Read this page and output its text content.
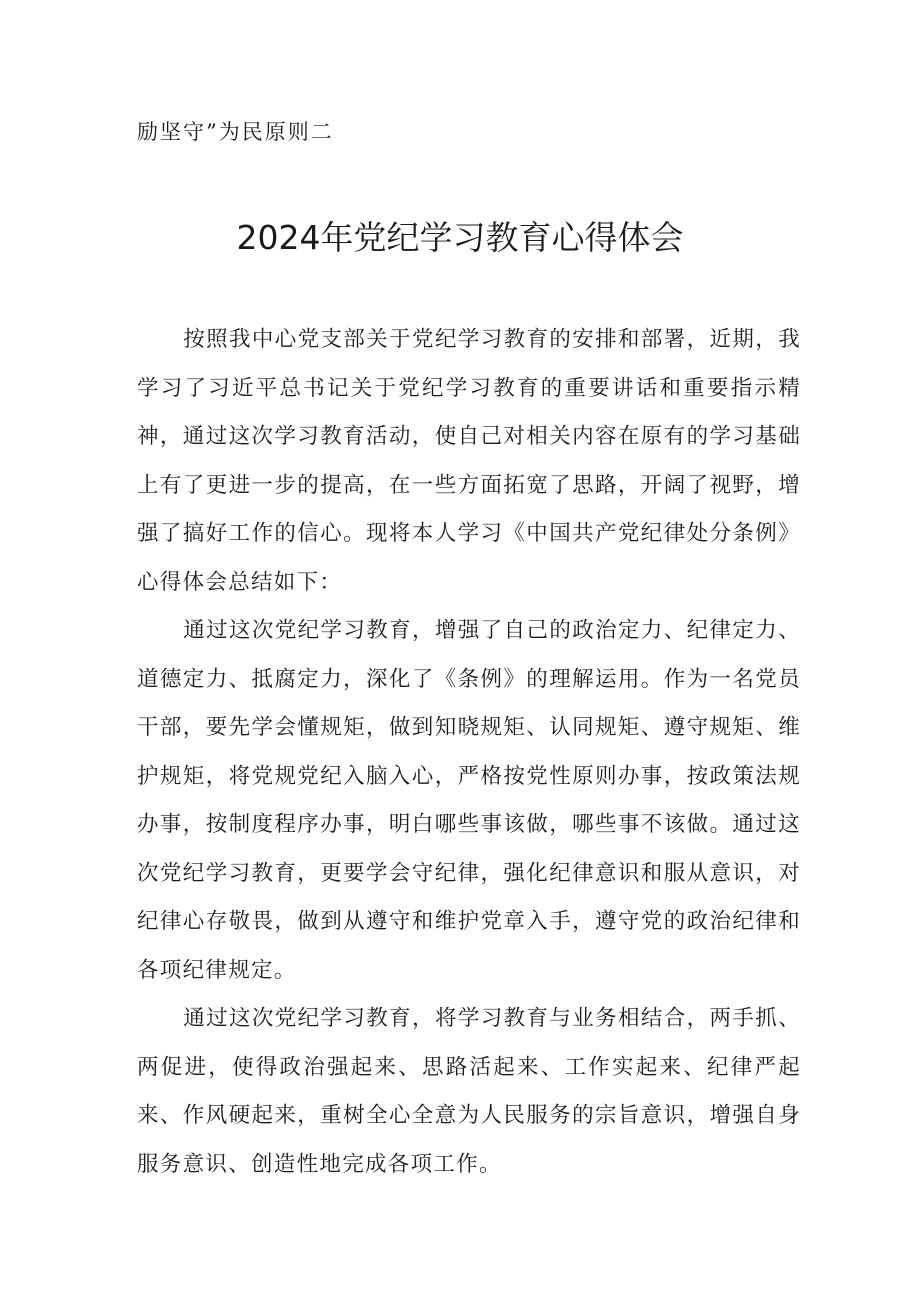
励坚守”为民原则二
2024年党纪学习教育心得体会

按照我中心党支部关于党纪学习教育的安排和部署，近期，我学习了习近平总书记关于党纪学习教育的重要讲话和重要指示精神，通过这次学习教育活动，使自己对相关内容在原有的学习基础上有了更进一步的提高，在一些方面拓宽了思路，开阔了视野，增强了搞好工作的信心。现将本人学习《中国共产党纪律处分条例》心得体会总结如下：

通过这次党纪学习教育，增强了自己的政治定力、纪律定力、道德定力、抵腐定力，深化了《条例》的理解运用。作为一名党员干部，要先学会懂规矩，做到知晓规矩、认同规矩、遵守规矩、维护规矩，将党规党纪入脑入心，严格按党性原则办事，按政策法规办事，按制度程序办事，明白哪些事该做，哪些事不该做。通过这次党纪学习教育，更要学会守纪律，强化纪律意识和服从意识，对纪律心存敬畏，做到从遵守和维护党章入手，遵守党的政治纪律和各项纪律规定。

通过这次党纪学习教育，将学习教育与业务相结合，两手抓、两促进，使得政治强起来、思路活起来、工作实起来、纪律严起来、作风硬起来，重树全心全意为人民服务的宗旨意识，增强自身服务意识、创造性地完成各项工作。
